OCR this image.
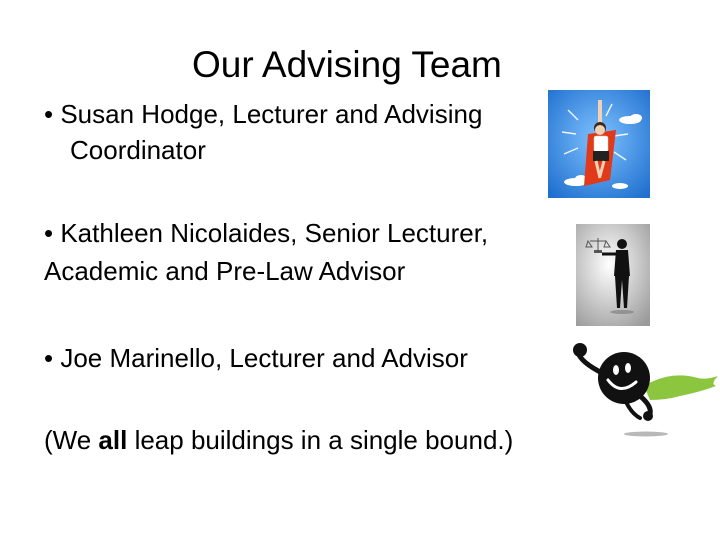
Our Advising Team
• Susan Hodge, Lecturer and Advising
Coordinator
• Kathleen Nicolaides, Senior Lecturer,
Academic and Pre-Law Advisor
• Joe Marinello, Lecturer and Advisor
(We all leap buildings in a single bound.)
